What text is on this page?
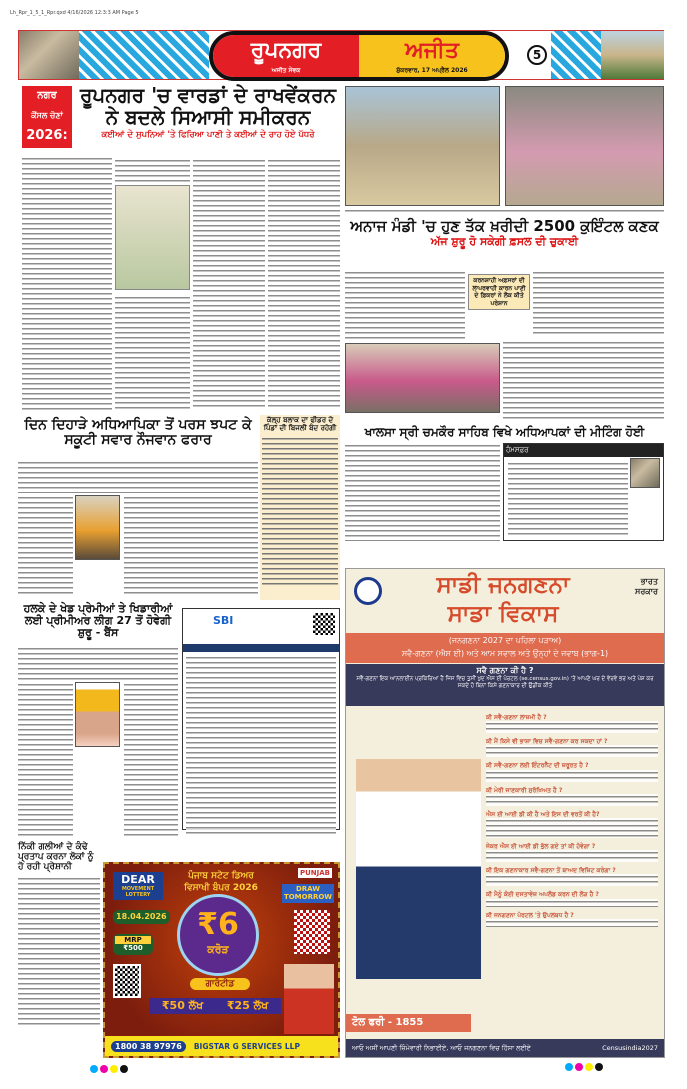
Lh_Rpr_1_5_1_Rpr.qxd 4/16/2026 12:3:3 AM Page 5
ਰੂਪਨਗਰ
ਅਜੀਤ ਸੇਵਕ
ਅਜੀਤ
ਸ਼ੁੱਕਰਵਾਰ, 17 ਅਪ੍ਰੈਲ 2026
5
ਨਗਰ
ਕੌਂਸਲ ਚੋਣਾਂ
2026:
ਰੂਪਨਗਰ 'ਚ ਵਾਰਡਾਂ ਦੇ ਰਾਖਵੇਂਕਰਨ ਨੇ ਬਦਲੇ ਸਿਆਸੀ ਸਮੀਕਰਨ
ਕਈਆਂ ਦੇ ਸੁਪਨਿਆਂ 'ਤੇ ਫਿਰਿਆ ਪਾਣੀ ਤੇ ਕਈਆਂ ਦੇ ਰਾਹ ਹੋਏ ਪੱਧਰੇ
ਅਨਾਜ ਮੰਡੀ 'ਚ ਹੁਣ ਤੱਕ ਖ਼ਰੀਦੀ 2500 ਕੁਇੰਟਲ ਕਣਕ
ਅੱਜ ਸ਼ੁਰੂ ਹੋ ਸਕੇਗੀ ਫ਼ਸਲ ਦੀ ਚੁਕਾਈ
ਕਰਨਸ਼ਾਹੀ ਅਫ਼ਸਰਾਂ ਦੀ ਲਾਪਰਵਾਹੀ ਕਾਰਨ ਪਾਣੀ ਦੇ ਫ਼ਿਕਰਾਂ ਨੇ ਲੋਕ ਕੀਤੇ ਪਰੇਸ਼ਾਨ
ਦਿਨ ਦਿਹਾੜੇ ਅਧਿਆਪਿਕਾ ਤੋਂ ਪਰਸ ਝਪਟ ਕੇ ਸਕੂਟੀ ਸਵਾਰ ਨੌਜਵਾਨ ਫਰਾਰ
ਕੱਲ੍ਹ ਬਲਾਕ ਦਾ ਫੀਡਰ ਦੇ ਪਿੰਡਾਂ ਦੀ ਬਿਜਲੀ ਬੰਦ ਰਹੇਗੀ	ਖਾਲਸਾ ਸ੍ਰੀ ਚਮਕੌਰ ਸਾਹਿਬ ਵਿਖੇ ਅਧਿਆਪਕਾਂ ਦੀ ਮੀਟਿੰਗ ਹੋਈ
ਹੰਮਸਫ਼ਰ
ਹਲਕੇ ਦੇ ਖੇਡ ਪ੍ਰੇਮੀਆਂ ਤੇ ਖਿਡਾਰੀਆਂ ਲਈ ਪ੍ਰੀਮੀਅਰ ਲੀਗ 27 ਤੋਂ ਹੋਵੇਗੀ ਸ਼ੁਰੂ - ਬੈਂਸ
SBI
ਨਿੱਕੀ ਗਲੀਆਂ ਦੇ ਕੰਢੇ ਪ੍ਰਤਾਪ ਕਰਨਾ ਲੋਕਾਂ ਨੂੰ ਹੋ ਰਹੀ ਪ੍ਰੇਸ਼ਾਨੀ
DEAR
MOVEMENT LOTTERY
ਪੰਜਾਬ ਸਟੇਟ ਡਿਅਰ
ਵਿਸਾਖੀ ਬੰਪਰ 2026
PUNJAB
DRAW TOMORROW
18.04.2026
MRP
₹500
₹6
ਕਰੋੜ
ਗਾਰੰਟੀਡ
₹50 ਲੱਖ ₹25 ਲੱਖ
1800 38 97976	BIGSTAR G SERVICES LLP
ਭਾਰਤ ਸਰਕਾਰ
ਸਾਡੀ ਜਨਗਣਨਾ
ਸਾਡਾ ਵਿਕਾਸ
(ਜਨਗਣਨਾ 2027 ਦਾ ਪਹਿਲਾ ਪੜਾਅ)
ਸਵੈ-ਗਣਨਾ (ਐਸ ਈ) ਅਤੇ ਆਮ ਸਵਾਲ ਅਤੇ ਉਨ੍ਹਾਂ ਦੇ ਜਵਾਬ (ਭਾਗ-1)
ਸਵੈ ਗਣਨਾ ਕੀ ਹੈ ?
ਸਵੈ-ਗਣਨਾ ਇਕ ਆਨਲਾਈਨ ਪ੍ਰਕਿਰਿਆ ਹੈ ਜਿਸ ਵਿਚ ਤੁਸੀਂ ਖੁਦ ਐਸ ਈ ਪੋਰਟਲ (se.census.gov.in) 'ਤੇ ਆਪਣੇ ਘਰ ਦੇ ਵੇਰਵੇ ਭਰ ਅਤੇ ਪੇਸ਼ ਕਰ ਸਕਦੇ ਹੋ ਬਿਨਾਂ ਕਿਸੇ ਗਣਨਾਕਾਰ ਦੀ ਉਡੀਕ ਕੀਤੇ
ਕੀ ਸਵੈ-ਗਣਨਾ ਲਾਜ਼ਮੀ ਹੈ ?
ਕੀ ਮੈਂ ਕਿਸੇ ਵੀ ਭਾਸ਼ਾ ਵਿਚ ਸਵੈ-ਗਣਨਾ ਕਰ ਸਕਦਾ ਹਾਂ ?
ਕੀ ਸਵੈ-ਗਣਨਾ ਲਈ ਇੰਟਰਨੈੱਟ ਦੀ ਜ਼ਰੂਰਤ ਹੈ ?
ਕੀ ਮੇਰੀ ਜਾਣਕਾਰੀ ਸੁਰੱਖਿਅਤ ਹੈ ?
ਐਸ ਈ ਆਈ ਡੀ ਕੀ ਹੈ ਅਤੇ ਇਸ ਦੀ ਵਰਤੋਂ ਕੀ ਹੈ?
ਜੇਕਰ ਐਸ ਈ ਆਈ ਡੀ ਭੁੱਲ ਗਏ ਤਾਂ ਕੀ ਹੋਵੇਗਾ ?
ਕੀ ਇਕ ਗਣਨਾਕਾਰ ਸਵੈ-ਗਣਨਾ ਤੋਂ ਬਾਅਦ ਵਿਜ਼ਿਟ ਕਰੇਗਾ ?
ਕੀ ਮੈਨੂੰ ਕੋਈ ਦਸਤਾਵੇਜ਼ ਅਪਲੋਡ ਕਰਨ ਦੀ ਲੋੜ ਹੈ ?
ਕੀ ਜਨਗਣਨਾ ਪੋਰਟਲ 'ਤੇ ਉਪਲਬਧ ਹੈ ?
ਟੋਲ ਫਰੀ - 1855
ਆਓ ਅਸੀਂ ਆਪਣੀ ਜ਼ਿੰਮੇਵਾਰੀ ਨਿਭਾਈਏ, ਆਓ ਜਨਗਣਨਾ ਵਿਚ ਹਿੱਸਾ ਲਈਏ	Censusindia2027
